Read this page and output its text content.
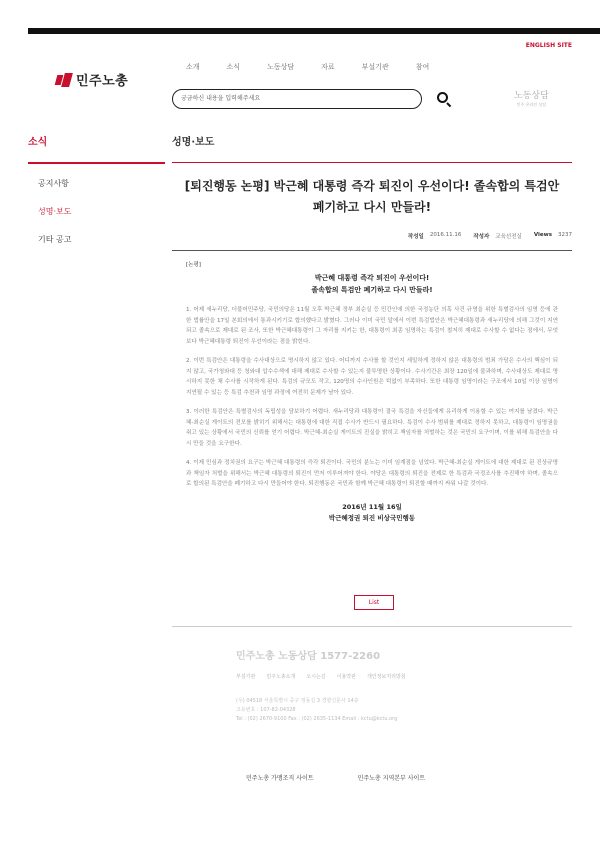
ENGLISH SITE
민주노총
소개	소식	노동상담	자료	부설기관	참여
궁금하신 내용을 입력해주세요	노동상담
민주 온라인 상담
소식
공지사항
성명·보도
기타 공고
성명·보도
[퇴진행동 논평] 박근혜 대통령 즉각 퇴진이 우선이다! 졸속합의 특검안
폐기하고 다시 만들라!
작성일 2016.11.16 작성자 교육선전실 Views 3237
[논평]
박근혜 대통령 즉각 퇴진이 우선이다!
졸속합의 특검안 폐기하고 다시 만들라!

1. 어제 새누리당, 더불어민주당, 국민의당은 11월 오후 박근혜 정부 최순실 등 민간인에 의한 국정농단 의혹 사건 규명을 위한 특별검사의 임명 등에 관한 법률안을 17일 본회의에서 통과시키기로 합의했다고 밝혔다. 그러나 이미 국민 앞에서 이번 특검법안은 박근혜대통령과 새누리당에 의해 그것이 지연되고 졸속으로 제대로 된 조사, 또한 박근혜대통령이 그 자리를 지키는 한, 대통령이 최종 임명하는 특검이 철저히 제대로 수사할 수 없다는 점에서, 무엇보다 박근혜대통령 퇴진이 우선이라는 점을 밝힌다.

2. 이번 특검안은 대통령을 수사대상으로 명시하지 않고 있다. 어디까지 수사를 할 것인지 세밀하게 정하지 않은 대통령의 범죄 가담은 수사의 핵심이 되지 않고, 국가청와대 등 청와대 압수수색에 대해 제대로 수사할 수 있는지 불투명한 상황이다. 수사기간은 최장 120일에 불과하며, 수사대상도 제대로 명시하지 못한 채 수사를 시작하게 된다. 특검의 규모도 작고, 120명의 수사인원은 턱없이 부족하다. 또한 대통령 임명이라는 구조에서 10일 이상 임명이 지연될 수 있는 등 특검 추천과 임명 과정에 여전히 문제가 남아 있다.

3. 이러한 특검안은 특별검사의 독립성을 담보하기 어렵다. 새누리당과 대통령이 결국 특검을 자신들에게 유리하게 이용할 수 있는 여지를 남겼다. 박근혜-최순실 게이트의 전모를 밝히기 위해서는 대통령에 대한 직접 수사가 반드시 필요하다. 특검이 수사 범위를 제대로 정하지 못하고, 대통령이 임명권을 쥐고 있는 상황에서 국민의 신뢰를 얻기 어렵다. 박근혜-최순실 게이트의 진실을 밝히고 책임자를 처벌하는 것은 국민의 요구이며, 이를 위해 특검안을 다시 만들 것을 요구한다.

4. 이제 민심과 정치권의 요구는 박근혜 대통령의 즉각 퇴진이다. 국민의 분노는 이미 임계점을 넘었다. 박근혜-최순실 게이트에 대한 제대로 된 진상규명과 책임자 처벌을 위해서는 박근혜 대통령의 퇴진이 먼저 이루어져야 한다. 야당은 대통령의 퇴진을 전제로 한 특검과 국정조사를 추진해야 하며, 졸속으로 합의된 특검안을 폐기하고 다시 만들어야 한다. 퇴진행동은 국민과 함께 박근혜 대통령이 퇴진할 때까지 싸워 나갈 것이다.

2016년 11월 16일
박근혜정권 퇴진 비상국민행동
List
민주노총 노동상담 1577-2260
부설기관 민주노총소개 오시는길 이용약관 개인정보처리방침
(우) 04518 서울특별시 중구 정동길 3 경향신문사 14층
고유번호 : 107-82-04328
Tel : (02) 2670-9100 Fax : (02) 2635-1134 Email : kctu@kctu.org
민주노총 가맹조직 사이트	민주노총 지역본부 사이트
